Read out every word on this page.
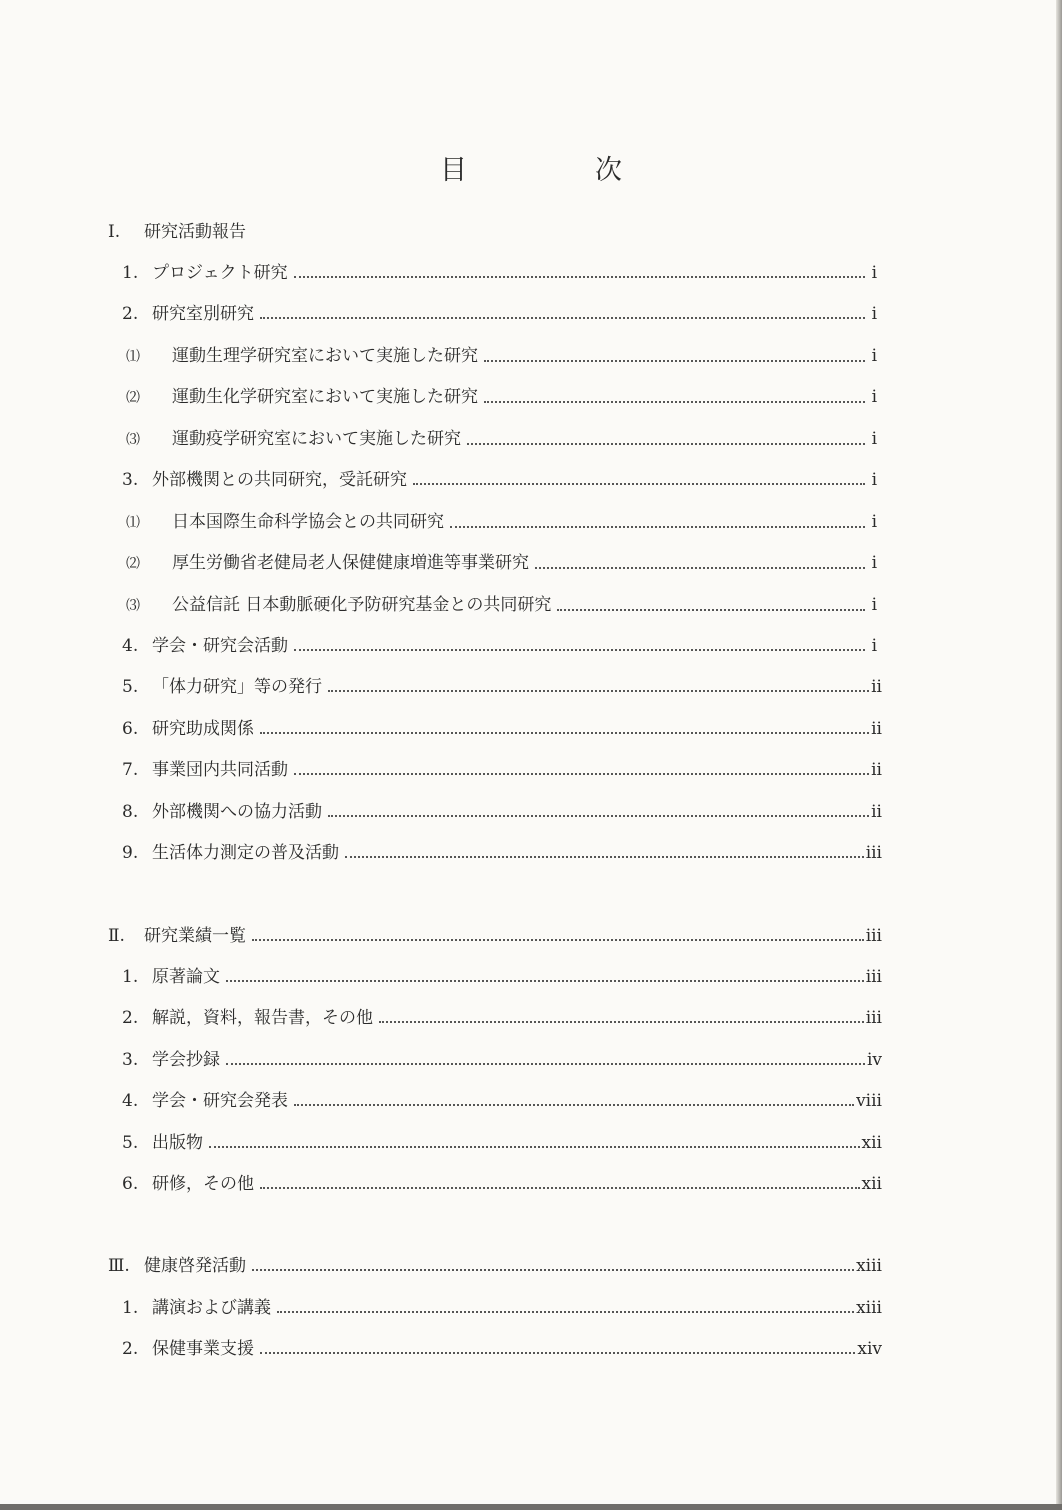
目	次
Ⅰ.	研究活動報告
1. プロジェクト研究	i
2. 研究室別研究	i
⑴	運動生理学研究室において実施した研究	i
⑵	運動生化学研究室において実施した研究	i
⑶	運動疫学研究室において実施した研究	i
3. 外部機関との共同研究，受託研究	i
⑴	日本国際生命科学協会との共同研究	i
⑵	厚生労働省老健局老人保健健康増進等事業研究	i
⑶	公益信託 日本動脈硬化予防研究基金との共同研究	i
4. 学会・研究会活動	i
5. 「体力研究」等の発行	ii
6. 研究助成関係	ii
7. 事業団内共同活動	ii
8. 外部機関への協力活動	ii
9. 生活体力測定の普及活動	iii
Ⅱ.	研究業績一覧	iii
1. 原著論文	iii
2. 解説，資料，報告書，その他	iii
3. 学会抄録	iv
4. 学会・研究会発表	viii
5. 出版物	xii
6. 研修，その他	xii
Ⅲ. 健康啓発活動	xiii
1. 講演および講義	xiii
2. 保健事業支援	xiv
